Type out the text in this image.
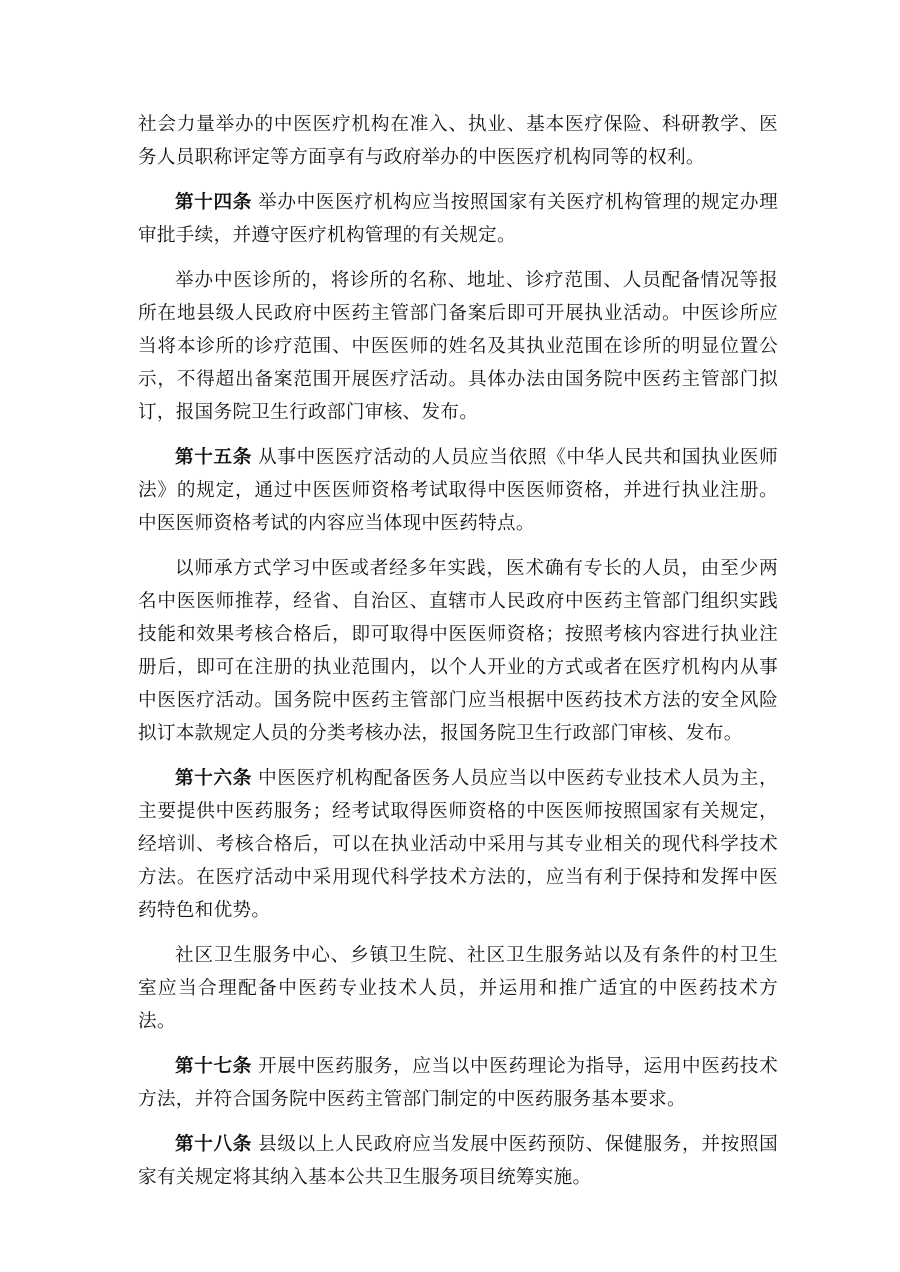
社会力量举办的中医医疗机构在准入、执业、基本医疗保险、科研教学、医务人员职称评定等方面享有与政府举办的中医医疗机构同等的权利。

第十四条 举办中医医疗机构应当按照国家有关医疗机构管理的规定办理审批手续，并遵守医疗机构管理的有关规定。

举办中医诊所的，将诊所的名称、地址、诊疗范围、人员配备情况等报所在地县级人民政府中医药主管部门备案后即可开展执业活动。中医诊所应当将本诊所的诊疗范围、中医医师的姓名及其执业范围在诊所的明显位置公示，不得超出备案范围开展医疗活动。具体办法由国务院中医药主管部门拟订，报国务院卫生行政部门审核、发布。

第十五条 从事中医医疗活动的人员应当依照《中华人民共和国执业医师法》的规定，通过中医医师资格考试取得中医医师资格，并进行执业注册。中医医师资格考试的内容应当体现中医药特点。

以师承方式学习中医或者经多年实践，医术确有专长的人员，由至少两名中医医师推荐，经省、自治区、直辖市人民政府中医药主管部门组织实践技能和效果考核合格后，即可取得中医医师资格；按照考核内容进行执业注册后，即可在注册的执业范围内，以个人开业的方式或者在医疗机构内从事中医医疗活动。国务院中医药主管部门应当根据中医药技术方法的安全风险拟订本款规定人员的分类考核办法，报国务院卫生行政部门审核、发布。

第十六条 中医医疗机构配备医务人员应当以中医药专业技术人员为主，主要提供中医药服务；经考试取得医师资格的中医医师按照国家有关规定，经培训、考核合格后，可以在执业活动中采用与其专业相关的现代科学技术方法。在医疗活动中采用现代科学技术方法的，应当有利于保持和发挥中医药特色和优势。

社区卫生服务中心、乡镇卫生院、社区卫生服务站以及有条件的村卫生室应当合理配备中医药专业技术人员，并运用和推广适宜的中医药技术方法。

第十七条 开展中医药服务，应当以中医药理论为指导，运用中医药技术方法，并符合国务院中医药主管部门制定的中医药服务基本要求。

第十八条 县级以上人民政府应当发展中医药预防、保健服务，并按照国家有关规定将其纳入基本公共卫生服务项目统筹实施。
